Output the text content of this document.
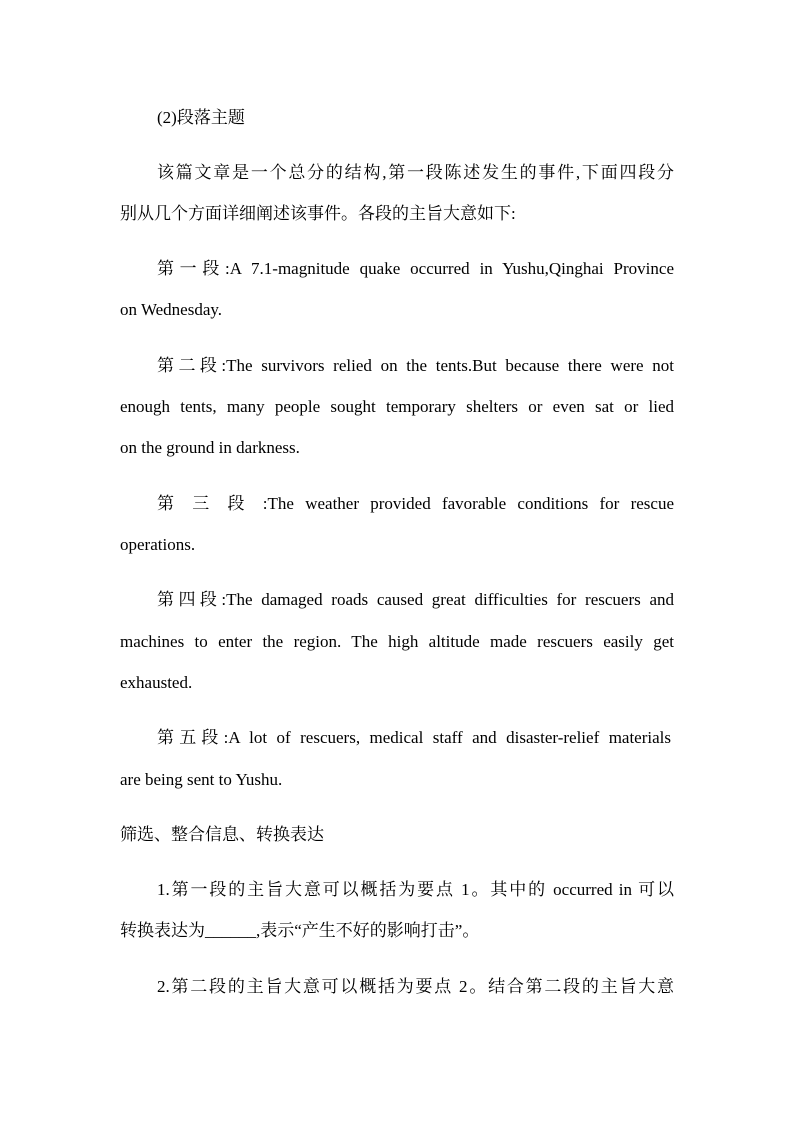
(2)段落主题
该篇文章是一个总分的结构,第一段陈述发生的事件,下面四段分
别从几个方面详细阐述该事件。各段的主旨大意如下:
第一段:A 7.1-magnitude quake occurred in Yushu,Qinghai Province
on Wednesday.
第二段:The survivors relied on the tents.But because there were not
enough tents, many people sought temporary shelters or even sat or lied
on the ground in darkness.
第 三 段 :The weather provided favorable conditions for rescue
operations.
第四段:The damaged roads caused great difficulties for rescuers and
machines to enter the region. The high altitude made rescuers easily get
exhausted.
第五段:A lot of rescuers, medical staff and disaster-relief materials
are being sent to Yushu.
筛选、整合信息、转换表达
1.第一段的主旨大意可以概括为要点 1。其中的 occurred in 可以
转换表达为______,表示“产生不好的影响打击”。
2.第二段的主旨大意可以概括为要点 2。结合第二段的主旨大意
